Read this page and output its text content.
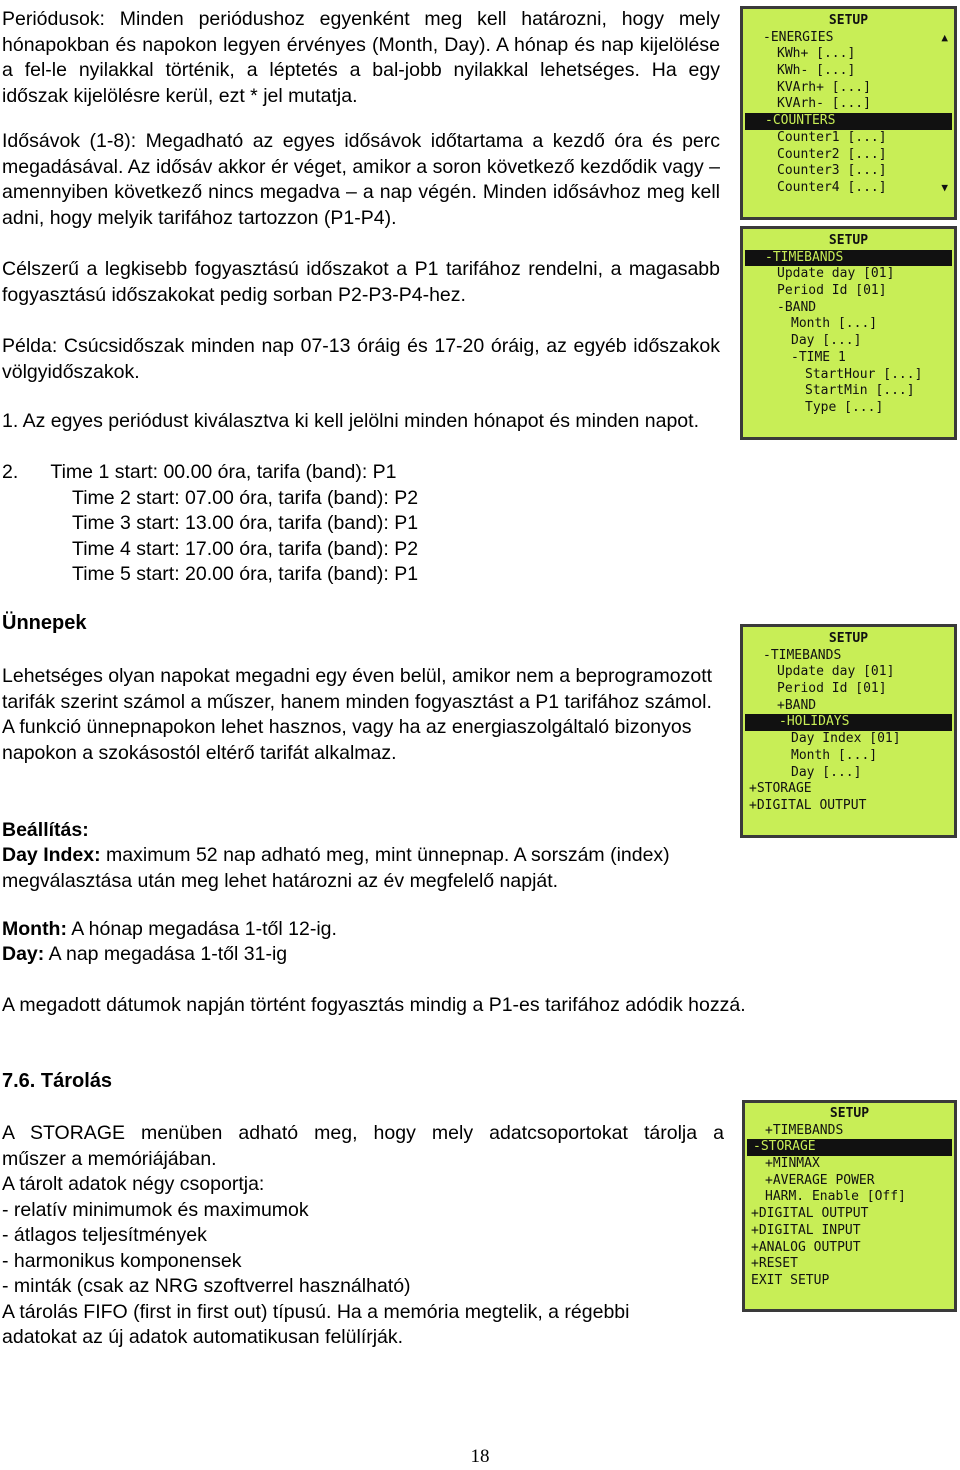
Periódusok: Minden periódushoz egyenként meg kell határozni, hogy mely hónapokban és napokon legyen érvényes (Month, Day). A hónap és nap kijelölése a fel-le nyilakkal történik, a léptetés a bal-jobb nyilakkal lehetséges. Ha egy időszak kijelölésre kerül, ezt * jel mutatja.

Idősávok (1-8): Megadható az egyes idősávok időtartama a kezdő óra és perc megadásával. Az idősáv akkor ér véget, amikor a soron következő kezdődik vagy – amennyiben következő nincs megadva – a nap végén. Minden idősávhoz meg kell adni, hogy melyik tarifához tartozzon (P1-P4).

Célszerű a legkisebb fogyasztású időszakot a P1 tarifához rendelni, a magasabb fogyasztású időszakokat pedig sorban P2-P3-P4-hez.

Példa: Csúcsidőszak minden nap 07-13 óráig és 17-20 óráig, az egyéb időszakok völgyidőszakok.

1. Az egyes periódust kiválasztva ki kell jelölni minden hónapot és minden napot.

2.      Time 1 start: 00.00 óra, tarifa (band): P1
Time 2 start: 07.00 óra, tarifa (band): P2
Time 3 start: 13.00 óra, tarifa (band): P1
Time 4 start: 17.00 óra, tarifa (band): P2
Time 5 start: 20.00 óra, tarifa (band): P1
Ünnepek

Lehetséges olyan napokat megadni egy éven belül, amikor nem a beprogramozott tarifák szerint számol a műszer, hanem minden fogyasztást a P1 tarifához számol. A funkció ünnepnapokon lehet hasznos, vagy ha az energiaszolgáltaló bizonyos napokon a szokásostól eltérő tarifát alkalmaz.

Beállítás:

Day Index: maximum 52 nap adható meg, mint ünnepnap. A sorszám (index) megválasztása után meg lehet határozni az év megfelelő napját.

Month: A hónap megadása 1-től 12-ig.
Day: A nap megadása 1-től 31-ig
A megadott dátumok napján történt fogyasztás mindig a P1-es tarifához adódik hozzá.
7.6. Tárolás
A STORAGE menüben adható meg, hogy mely adatcsoportokat tárolja a
műszer a memóriájában.
A tárolt adatok négy csoportja:
- relatív minimumok és maximumok
- átlagos teljesítmények
- harmonikus komponensek
- minták (csak az NRG szoftverrel használható)
A tárolás FIFO (first in first out) típusú. Ha a memória megtelik, a régebbi
adatokat az új adatok automatikusan felülírják.
18
SETUP
-ENERGIES	▲
KWh+ [...]
KWh- [...]
KVArh+ [...]
KVArh- [...]
-COUNTERS
Counter1 [...]
Counter2 [...]
Counter3 [...]
Counter4 [...]	▼
SETUP
-TIMEBANDS
Update day [01]
Period Id [01]
-BAND
Month [...]
Day [...]
-TIME 1
StartHour [...]
StartMin [...]
Type [...]
SETUP
-TIMEBANDS
Update day [01]
Period Id [01]
+BAND
-HOLIDAYS
Day Index [01]
Month [...]
Day [...]
+STORAGE
+DIGITAL OUTPUT
SETUP
+TIMEBANDS
-STORAGE
+MINMAX
+AVERAGE POWER
HARM. Enable [Off]
+DIGITAL OUTPUT
+DIGITAL INPUT
+ANALOG OUTPUT
+RESET
EXIT SETUP
